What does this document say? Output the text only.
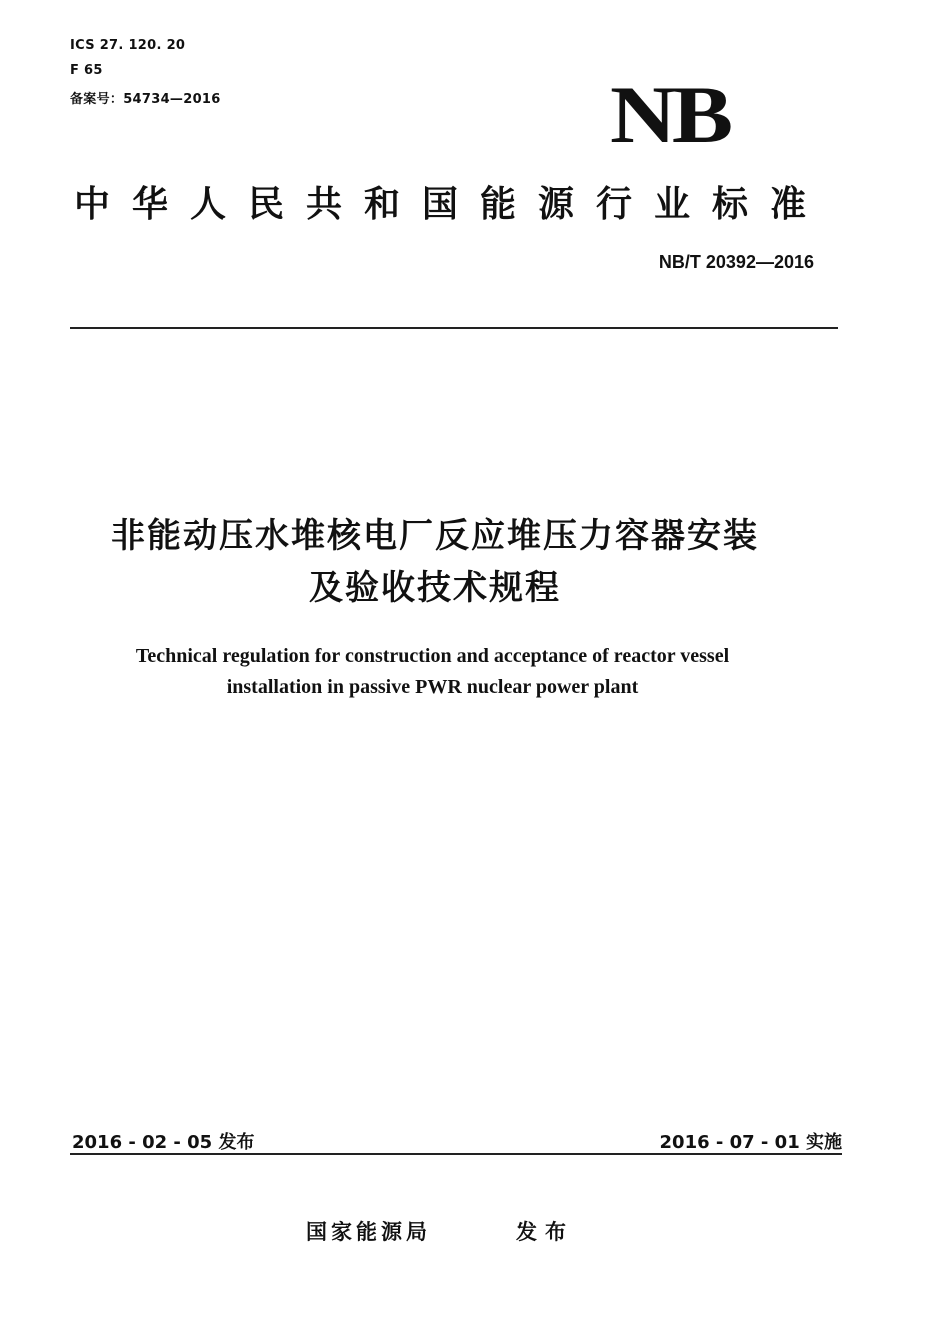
ICS 27. 120. 20
F 65
备案号：54734—2016	NB
中华人民共和国能源行业标准
NB/T 20392—2016
非能动压水堆核电厂反应堆压力容器安装
及验收技术规程
Technical regulation for construction and acceptance of reactor vessel
installation in passive PWR nuclear power plant
2016 - 02 - 05 发布	2016 - 07 - 01 实施
国家能源局	发布
